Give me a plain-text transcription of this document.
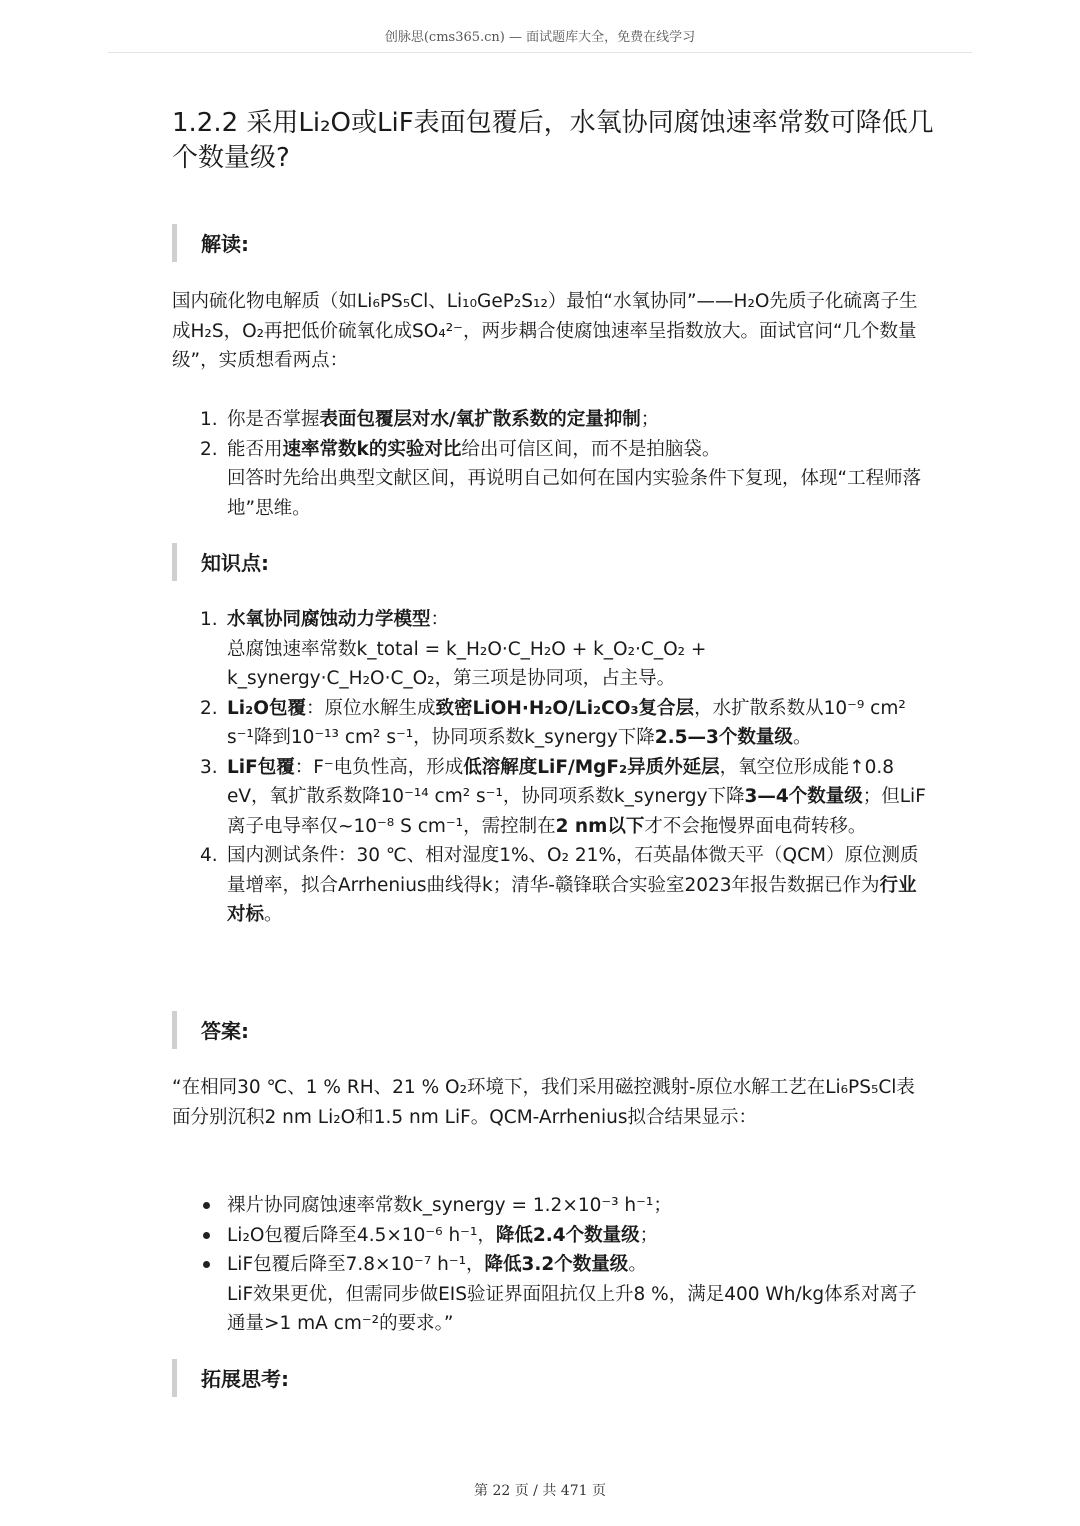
创脉思(cms365.cn) — 面试题库大全，免费在线学习
1.2.2 采用Li₂O或LiF表面包覆后，水氧协同腐蚀速率常数可降低几个数量级?
解读:

国内硫化物电解质（如Li₆PS₅Cl、Li₁₀GeP₂S₁₂）最怕“水氧协同”——H₂O先质子化硫离子生成H₂S，O₂再把低价硫氧化成SO₄²⁻，两步耦合使腐蚀速率呈指数放大。面试官问“几个数量级”，实质想看两点：

1. 你是否掌握表面包覆层对水/氧扩散系数的定量抑制；
2. 能否用速率常数k的实验对比给出可信区间，而不是拍脑袋。
回答时先给出典型文献区间，再说明自己如何在国内实验条件下复现，体现“工程师落地”思维。
知识点:
1. 水氧协同腐蚀动力学模型：
总腐蚀速率常数k_total = k_H₂O·C_H₂O + k_O₂·C_O₂ + k_synergy·C_H₂O·C_O₂，第三项是协同项，占主导。
2. Li₂O包覆：原位水解生成致密LiOH·H₂O/Li₂CO₃复合层，水扩散系数从10⁻⁹ cm² s⁻¹降到10⁻¹³ cm² s⁻¹，协同项系数k_synergy下降2.5—3个数量级。
3. LiF包覆：F⁻电负性高，形成低溶解度LiF/MgF₂异质外延层，氧空位形成能↑0.8 eV，氧扩散系数降10⁻¹⁴ cm² s⁻¹，协同项系数k_synergy下降3—4个数量级；但LiF离子电导率仅~10⁻⁸ S cm⁻¹，需控制在2 nm以下才不会拖慢界面电荷转移。
4. 国内测试条件：30 ℃、相对湿度1%、O₂ 21%，石英晶体微天平（QCM）原位测质量增率，拟合Arrhenius曲线得k；清华-赣锋联合实验室2023年报告数据已作为行业对标。
答案:

“在相同30 ℃、1 % RH、21 % O₂环境下，我们采用磁控溅射-原位水解工艺在Li₆PS₅Cl表面分别沉积2 nm Li₂O和1.5 nm LiF。QCM-Arrhenius拟合结果显示：

裸片协同腐蚀速率常数k_synergy = 1.2×10⁻³ h⁻¹；
Li₂O包覆后降至4.5×10⁻⁶ h⁻¹，降低2.4个数量级；
LiF包覆后降至7.8×10⁻⁷ h⁻¹，降低3.2个数量级。
LiF效果更优，但需同步做EIS验证界面阻抗仅上升8 %，满足400 Wh/kg体系对离子通量>1 mA cm⁻²的要求。”
拓展思考:
第 22 页 / 共 471 页
